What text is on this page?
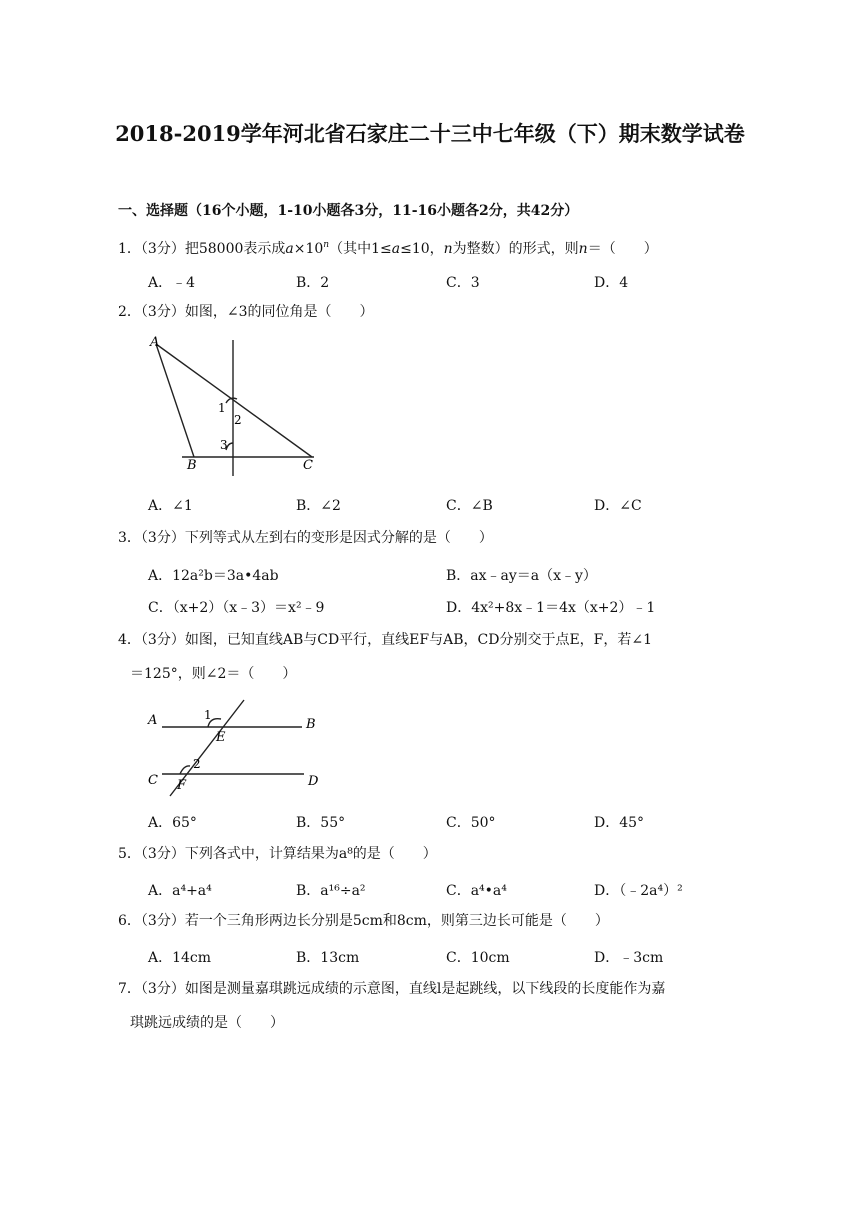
2018-2019学年河北省石家庄二十三中七年级（下）期末数学试卷
一、选择题（16个小题，1-10小题各3分，11-16小题各2分，共42分）
1．（3分）把58000表示成$a\times 10^n$（其中1≤a≤10，n为整数）的形式，则n＝（　　）
A．﹣4	B．2	C．3	D．4
2．（3分）如图，∠3的同位角是（　　）
A
B	C
1
2
3
A．∠1	B．∠2	C．∠B	D．∠C
3．（3分）下列等式从左到右的变形是因式分解的是（　　）
A．12a²b＝3a•4ab	B．ax﹣ay＝a（x﹣y）
C．（x+2）（x﹣3）＝x²﹣9	D．4x²+8x﹣1＝4x（x+2）﹣1
4．（3分）如图，已知直线AB与CD平行，直线EF与AB，CD分别交于点E，F，若∠1
＝125°，则∠2＝（　　）
A	B
C	D
E
F
1
2
A．65°	B．55°	C．50°	D．45°
5．（3分）下列各式中，计算结果为a⁸的是（　　）
A．a⁴+a⁴	B．a¹⁶÷a²	C．a⁴•a⁴	D．（﹣2a⁴）²
6．（3分）若一个三角形两边长分别是5cm和8cm，则第三边长可能是（　　）
A．14cm	B．13cm	C．10cm	D．﹣3cm
7．（3分）如图是测量嘉琪跳远成绩的示意图，直线l是起跳线，以下线段的长度能作为嘉
琪跳远成绩的是（　　）
